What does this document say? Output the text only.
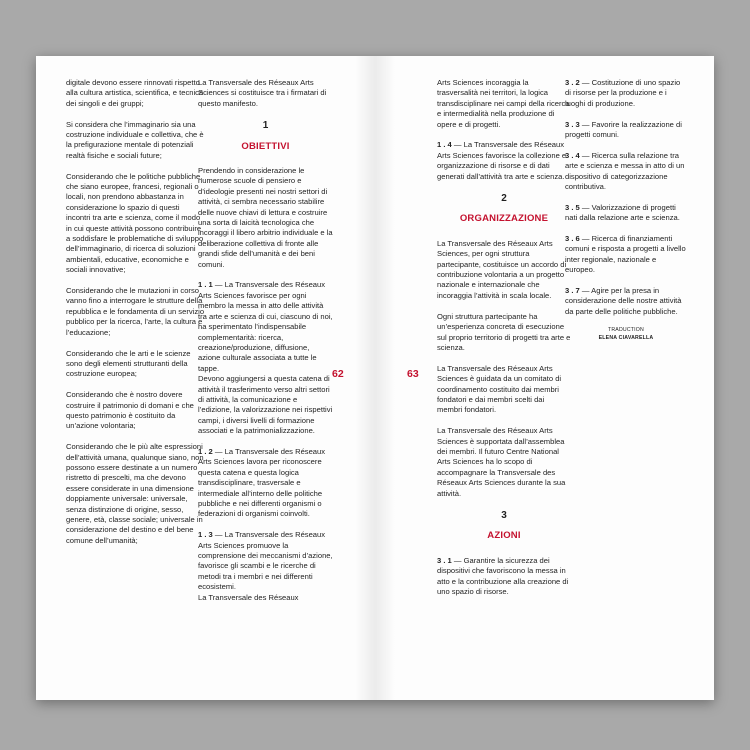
digitale devono essere rinnovati rispetto alla cultura artistica, scientifica, e tecnica dei singoli e dei gruppi;

Si considera che l’immaginario sia una costruzione individuale e collettiva, che è la prefigurazione mentale di potenziali realtà fisiche e sociali future;

Considerando che le politiche pubbliche, che siano europee, francesi, regionali o locali, non prendono abbastanza in considerazione lo spazio di questi incontri tra arte e scienza, come il modo in cui queste attività possono contribuire a soddisfare le problematiche di sviluppo dell’immaginario, di ricerca di soluzioni ambientali, educative, economiche e sociali innovative;

Considerando che le mutazioni in corso vanno fino a interrogare le strutture della repubblica e le fondamenta di un servizio pubblico per la ricerca, l’arte, la cultura e l’educazione;

Considerando che le arti e le scienze sono degli elementi strutturanti della costruzione europea;

Considerando che è nostro dovere costruire il patrimonio di domani e che questo patrimonio è costituito da un’azione volontaria;

Considerando che le più alte espressioni dell’attività umana, qualunque siano, non possono essere destinate a un numero ristretto di prescelti, ma che devono essere considerate in una dimensione doppiamente universale: universale, senza distinzione di origine, sesso, genere, età, classe sociale; universale in considerazione del destino e del bene comune dell’umanità;

La Transversale des Réseaux Arts Sciences si costituisce tra i firmatari di questo manifesto.

1
OBIETTIVI

Prendendo in considerazione le numerose scuole di pensiero e d’ideologie presenti nei nostri settori di attività, ci sembra necessario stabilire delle nuove chiavi di lettura e costruire una sorta di laicità tecnologica che incoraggi il libero arbitrio individuale e la deliberazione collettiva di fronte alle grandi sfide dell’umanità e dei beni comuni.

1 . 1 — La Transversale des Réseaux Arts Sciences favorisce per ogni membro la messa in atto delle attività tra arte e scienza di cui, ciascuno di noi, ha sperimentato l’indispensabile complementarità: ricerca, creazione/produzione, diffusione, azione culturale associata a tutte le tappe.

Devono aggiungersi a questa catena di attività il trasferimento verso altri settori di attività, la comunicazione e l’edizione, la valorizzazione nei rispettivi campi, i diversi livelli di formazione associati e la patrimonializzazione.

1 . 2 — La Transversale des Réseaux Arts Sciences lavora per riconoscere questa catena e questa logica transdisciplinare, trasversale e intermediale all’interno delle politiche pubbliche e nei differenti organismi o federazioni di organismi coinvolti.

1 . 3 — La Transversale des Réseaux Arts Sciences promuove la comprensione dei meccanismi d’azione, favorisce gli scambi e le ricerche di metodi tra i membri e nei differenti ecosistemi.

La Transversale des Réseaux

62	63

Arts Sciences incoraggia la trasversalità nei territori, la logica transdisciplinare nei campi della ricerca e intermedialità nella produzione di opere e di progetti.

1 . 4 — La Transversale des Réseaux Arts Sciences favorisce la collezione e organizzazione di risorse e di dati generati dall’attività tra arte e scienza.

2
ORGANIZZAZIONE

La Transversale des Réseaux Arts Sciences, per ogni struttura partecipante, costituisce un accordo di contribuzione volontaria a un progetto nazionale e internazionale che incoraggia l’attività in scala locale.

Ogni struttura partecipante ha un’esperienza concreta di esecuzione sul proprio territorio di progetti tra arte e scienza.

La Transversale des Réseaux Arts Sciences è guidata da un comitato di coordinamento costituito dai membri fondatori e dai membri scelti dai membri fondatori.

La Transversale des Réseaux Arts Sciences è supportata dall’assemblea dei membri. Il futuro Centre National Arts Sciences ha lo scopo di accompagnare la Transversale des Réseaux Arts Sciences durante la sua attività.

3
AZIONI

3 . 1 — Garantire la sicurezza dei dispositivi che favoriscono la messa in atto e la contribuzione alla creazione di uno spazio di risorse.

3 . 2 — Costituzione di uno spazio di risorse per la produzione e i luoghi di produzione.

3 . 3 — Favorire la realizzazione di progetti comuni.

3 . 4 — Ricerca sulla relazione tra arte e scienza e messa in atto di un dispositivo di categorizzazione contributiva.

3 . 5 — Valorizzazione di progetti nati dalla relazione arte e scienza.

3 . 6 — Ricerca di finanziamenti comuni e risposta a progetti a livello inter regionale, nazionale e europeo.

3 . 7 — Agire per la presa in considerazione delle nostre attività da parte delle politiche pubbliche.

TRADUCTION
ELENA CIAVARELLA
